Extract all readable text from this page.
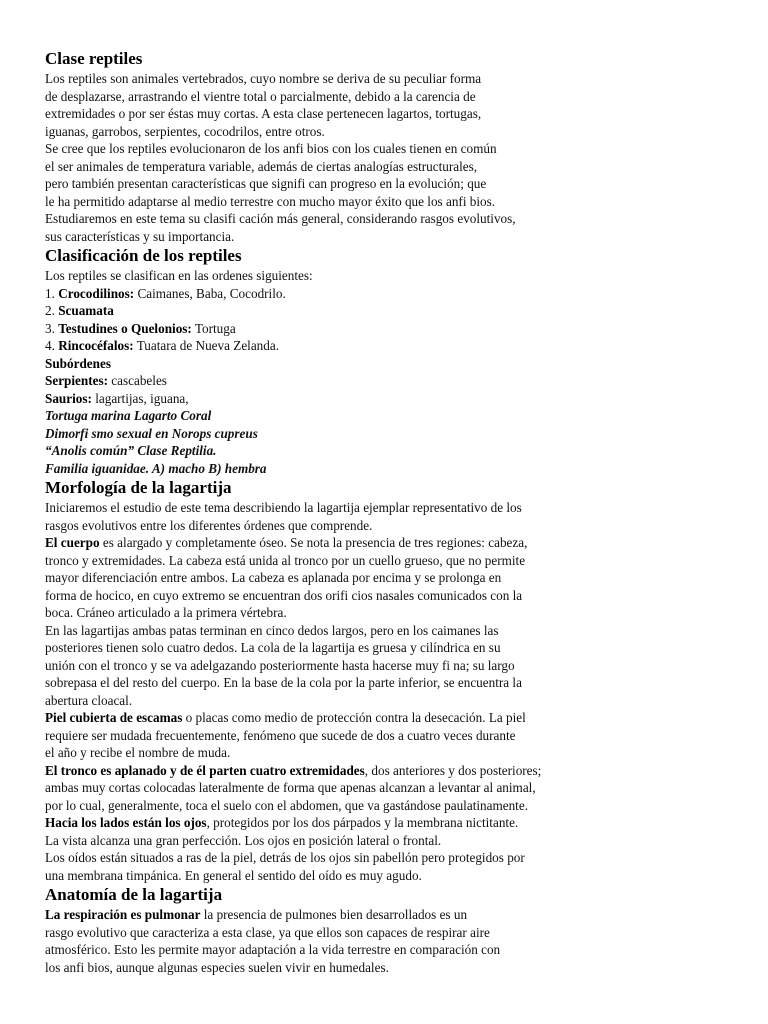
Clase reptiles

Los reptiles son animales vertebrados, cuyo nombre se deriva de su peculiar forma

de desplazarse, arrastrando el vientre total o parcialmente, debido a la carencia de

extremidades o por ser éstas muy cortas. A esta clase pertenecen lagartos, tortugas,

iguanas, garrobos, serpientes, cocodrilos, entre otros.

Se cree que los reptiles evolucionaron de los anfi bios con los cuales tienen en común

el ser animales de temperatura variable, además de ciertas analogías estructurales,

pero también presentan características que signifi can progreso en la evolución; que

le ha permitido adaptarse al medio terrestre con mucho mayor éxito que los anfi bios.

Estudiaremos en este tema su clasifi cación más general, considerando rasgos evolutivos,

sus características y su importancia.

Clasificación de los reptiles

Los reptiles se clasifican en las ordenes siguientes:

1. Crocodilinos: Caimanes, Baba, Cocodrilo.

2. Scuamata

3. Testudines o Quelonios: Tortuga

4. Rincocéfalos: Tuatara de Nueva Zelanda.

Subórdenes

Serpientes: cascabeles

Saurios: lagartijas, iguana,

Tortuga marina Lagarto Coral

Dimorfi smo sexual en Norops cupreus

“Anolis común” Clase Reptilia.

Familia iguanidae. A) macho B) hembra

Morfología de la lagartija

Iniciaremos el estudio de este tema describiendo la lagartija ejemplar representativo de los

rasgos evolutivos entre los diferentes órdenes que comprende.

El cuerpo es alargado y completamente óseo. Se nota la presencia de tres regiones: cabeza,

tronco y extremidades. La cabeza está unida al tronco por un cuello grueso, que no permite

mayor diferenciación entre ambos. La cabeza es aplanada por encima y se prolonga en

forma de hocico, en cuyo extremo se encuentran dos orifi cios nasales comunicados con la

boca. Cráneo articulado a la primera vértebra.

En las lagartijas ambas patas terminan en cinco dedos largos, pero en los caimanes las

posteriores tienen solo cuatro dedos. La cola de la lagartija es gruesa y cilíndrica en su

unión con el tronco y se va adelgazando posteriormente hasta hacerse muy fi na; su largo

sobrepasa el del resto del cuerpo. En la base de la cola por la parte inferior, se encuentra la

abertura cloacal.

Piel cubierta de escamas o placas como medio de protección contra la desecación. La piel

requiere ser mudada frecuentemente, fenómeno que sucede de dos a cuatro veces durante

el año y recibe el nombre de muda.

El tronco es aplanado y de él parten cuatro extremidades, dos anteriores y dos posteriores;

ambas muy cortas colocadas lateralmente de forma que apenas alcanzan a levantar al animal,

por lo cual, generalmente, toca el suelo con el abdomen, que va gastándose paulatinamente.

Hacia los lados están los ojos, protegidos por los dos párpados y la membrana nictitante.

La vista alcanza una gran perfección. Los ojos en posición lateral o frontal.

Los oídos están situados a ras de la piel, detrás de los ojos sin pabellón pero protegidos por

una membrana timpánica. En general el sentido del oído es muy agudo.

Anatomía de la lagartija

La respiración es pulmonar la presencia de pulmones bien desarrollados es un

rasgo evolutivo que caracteriza a esta clase, ya que ellos son capaces de respirar aire

atmosférico. Esto les permite mayor adaptación a la vida terrestre en comparación con

los anfi bios, aunque algunas especies suelen vivir en humedales.
